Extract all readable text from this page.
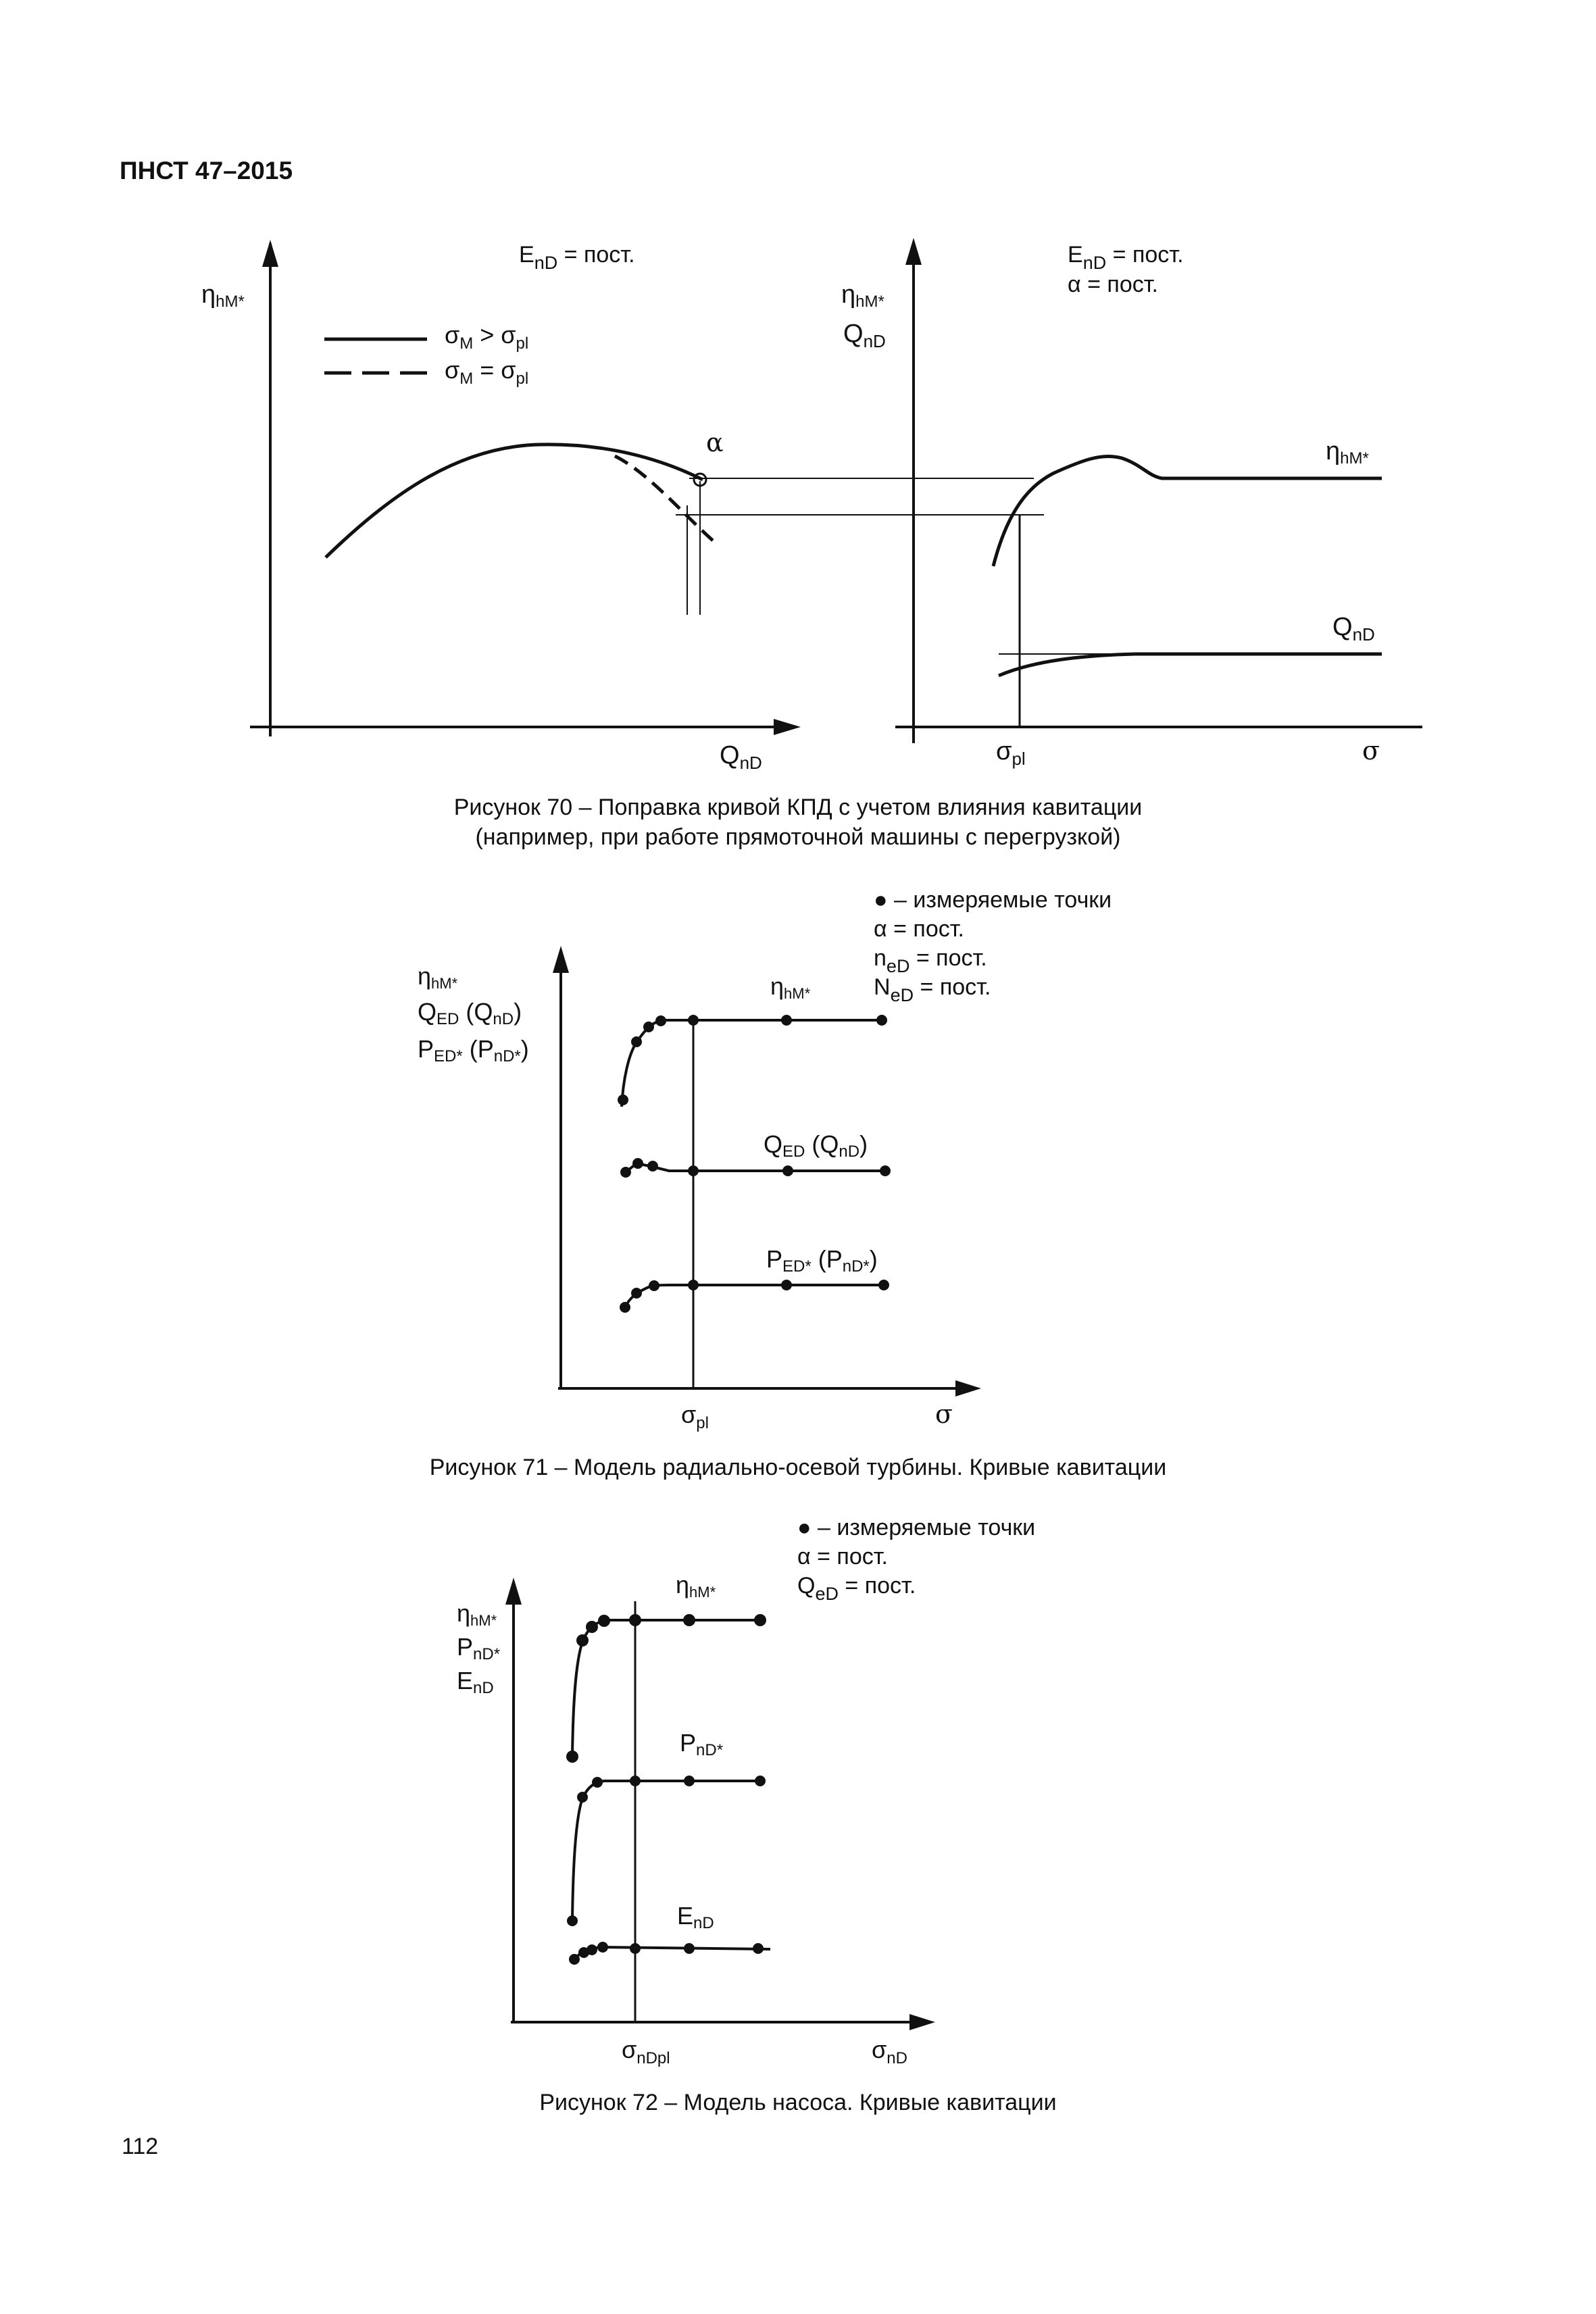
ПНСТ 47–2015
$E_{nD}$ = пост.
ηhM*
$\sigma_M > \sigma_{pl}$
$\sigma_M = \sigma_{pl}$
α
$Q_{nD}$
$E_{nD}$ = пост.
α = пост.
ηhM*
$Q_{nD}$
ηhM*
$Q_{nD}$
$\sigma_{pl}$	σ
Рисунок 70 – Поправка кривой КПД с учетом влияния кавитации
(например, при работе прямоточной машины с перегрузкой)
● – измеряемые точки
α = пост.
$n_{eD}$ = пост.
$N_{eD}$ = пост.
ηhM*
QED (QnD)
PED* (PnD*)
ηhM*
QED (QnD)
PED* (PnD*)
$\sigma_{pl}$	σ
Рисунок 71 – Модель радиально-осевой турбины. Кривые кавитации
● – измеряемые точки
α = пост.
$Q_{eD}$ = пост.
ηhM*
PnD*
EnD
ηhM*
PnD*
EnD
$\sigma_{nDpl}$	$\sigma_{nD}$
Рисунок 72 – Модель насоса. Кривые кавитации
112
